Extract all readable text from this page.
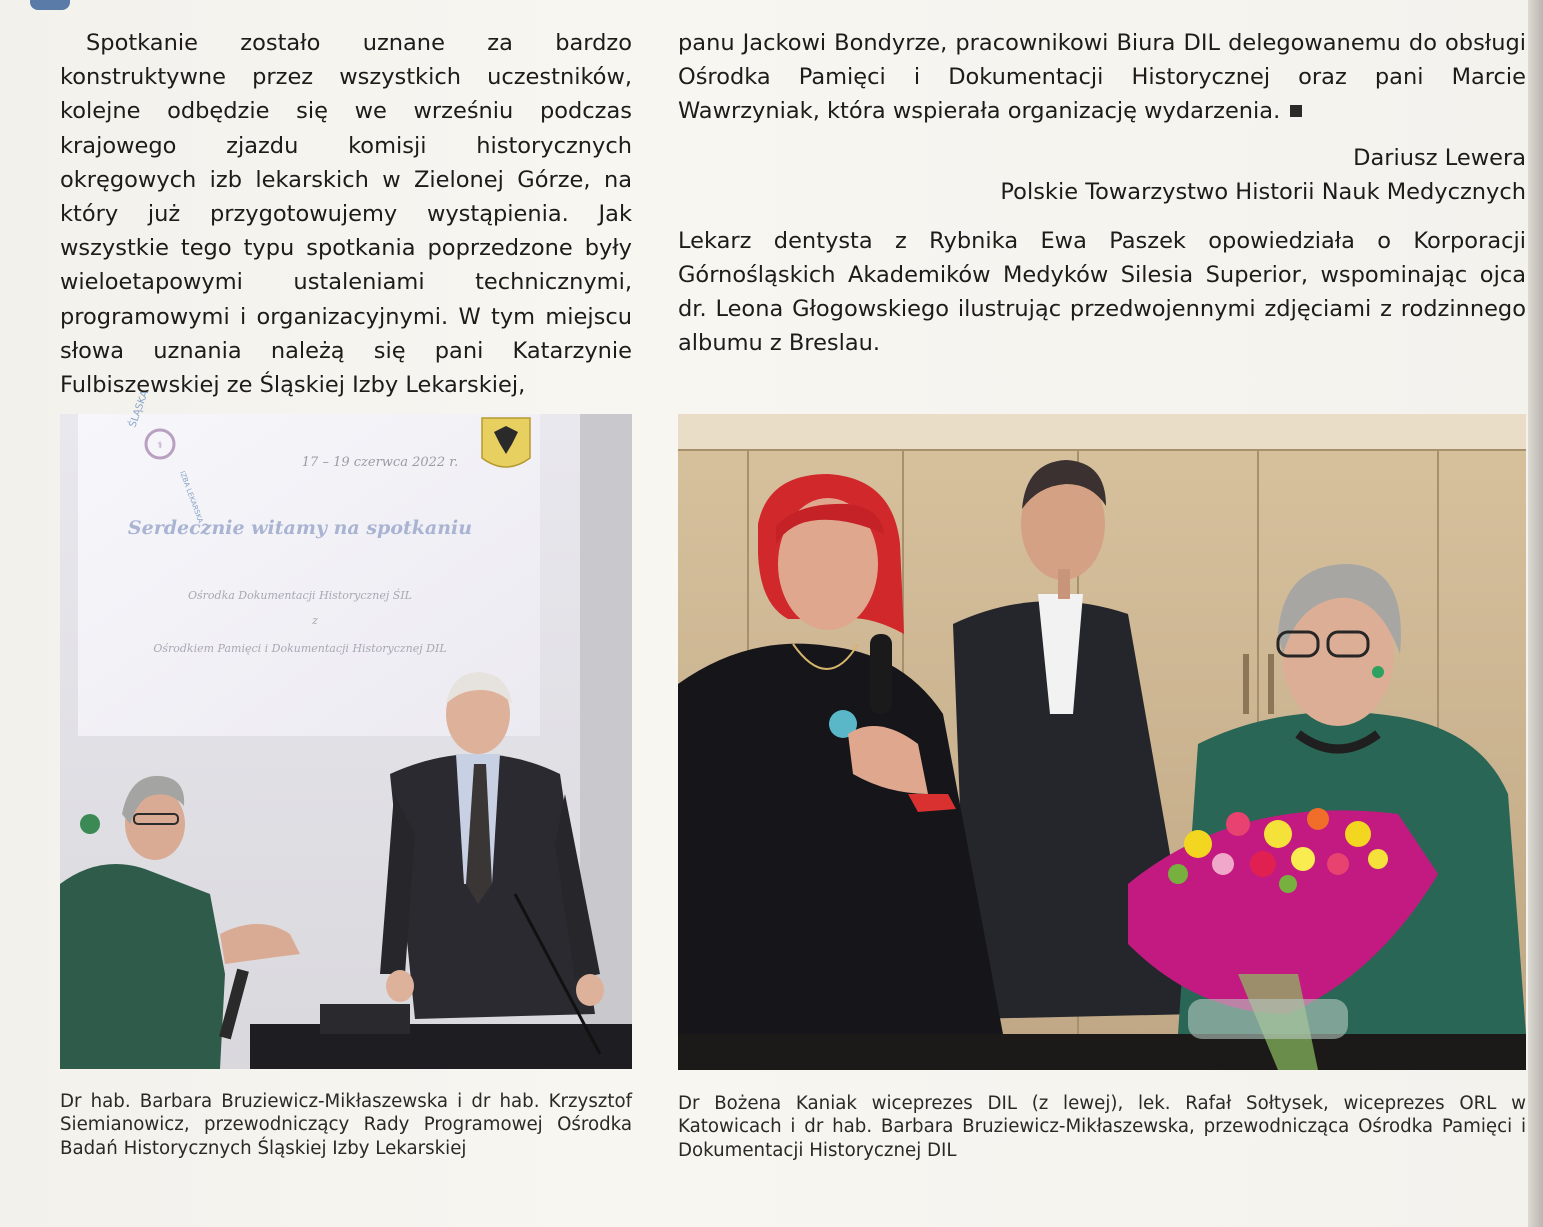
Spotkanie zostało uznane za bardzo konstruktywne przez wszystkich uczestników, kolejne odbędzie się we wrześniu podczas krajowego zjazdu komisji historycznych okręgowych izb lekarskich w Zielonej Górze, na który już przygotowujemy wystąpienia. Jak wszystkie tego typu spotkania poprzedzone były wieloetapowymi ustaleniami technicznymi, programowymi i organizacyjnymi. W tym miejscu słowa uznania należą się pani Katarzynie Fulbiszewskiej ze Śląskiej Izby Lekarskiej,

panu Jackowi Bondyrze, pracownikowi Biura DIL delegowanemu do obsługi Ośrodka Pamięci i Dokumentacji Historycznej oraz pani Marcie Wawrzyniak, która wspierała organizację wydarzenia.

Dariusz Lewera
Polskie Towarzystwo Historii Nauk Medycznych

Lekarz dentysta z Rybnika Ewa Paszek opowiedziała o Korporacji Górnośląskich Akademików Medyków Silesia Superior, wspominając ojca dr. Leona Głogowskiego ilustrując przedwojennymi zdjęciami z rodzinnego albumu z Breslau.

⚕
ŚLĄSKA
IZBA LEKARSKA
17 – 19 czerwca 2022 r.
Serdecznie witamy na spotkaniu
Ośrodka Dokumentacji Historycznej ŚIL
z
Ośrodkiem Pamięci i Dokumentacji Historycznej DIL
Dr hab. Barbara Bruziewicz-Mikłaszewska i dr hab. Krzysztof Siemianowicz, przewodniczący Rady Programowej Ośrodka Badań Historycznych Śląskiej Izby Lekarskiej
Dr Bożena Kaniak wiceprezes DIL (z lewej), lek. Rafał Sołtysek, wiceprezes ORL w Katowicach i dr hab. Barbara Bruziewicz-Mikłaszewska, przewodnicząca Ośrodka Pamięci i Dokumentacji Historycznej DIL
